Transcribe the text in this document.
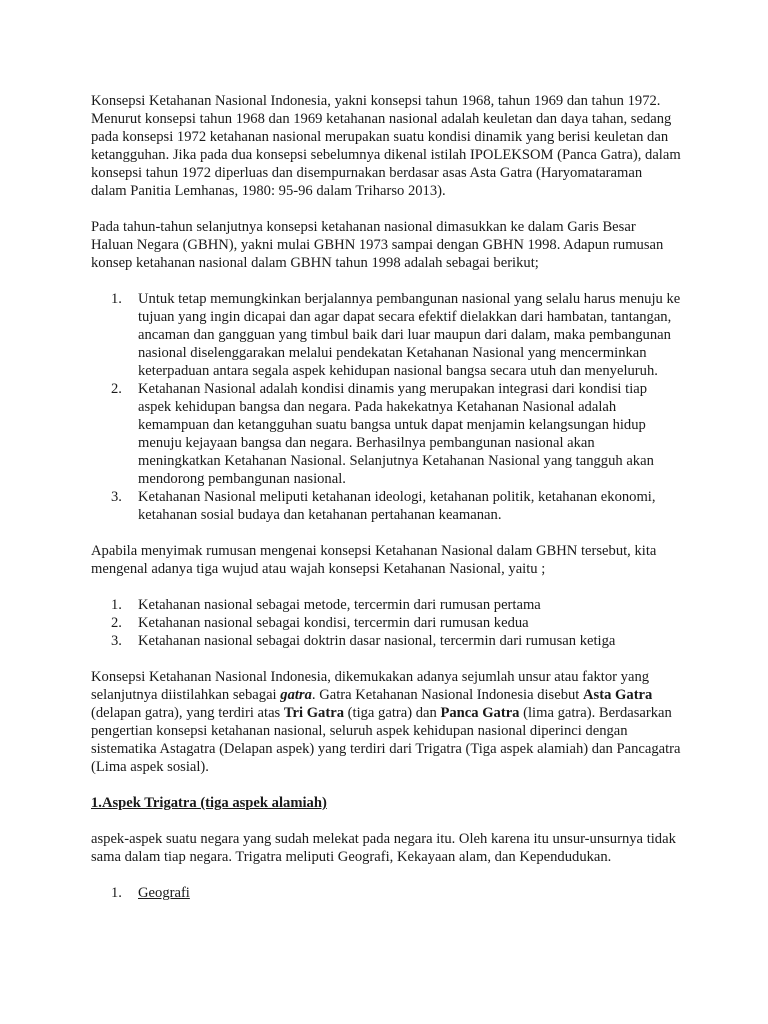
Konsepsi Ketahanan Nasional Indonesia, yakni konsepsi tahun 1968, tahun 1969 dan tahun 1972. Menurut konsepsi tahun 1968 dan 1969 ketahanan nasional adalah keuletan dan daya tahan, sedang pada konsepsi 1972 ketahanan nasional merupakan suatu kondisi dinamik yang berisi keuletan dan ketangguhan. Jika pada dua konsepsi sebelumnya dikenal istilah IPOLEKSOM (Panca Gatra), dalam konsepsi tahun 1972 diperluas dan disempurnakan berdasar asas Asta Gatra (Haryomataraman dalam Panitia Lemhanas, 1980: 95-96 dalam Triharso 2013).

Pada tahun-tahun selanjutnya konsepsi ketahanan nasional dimasukkan ke dalam Garis Besar Haluan Negara (GBHN), yakni mulai GBHN 1973 sampai dengan GBHN 1998. Adapun rumusan konsep ketahanan nasional dalam GBHN tahun 1998 adalah sebagai berikut;

1. Untuk tetap memungkinkan berjalannya pembangunan nasional yang selalu harus menuju ke tujuan yang ingin dicapai dan agar dapat secara efektif dielakkan dari hambatan, tantangan, ancaman dan gangguan yang timbul baik dari luar maupun dari dalam, maka pembangunan nasional diselenggarakan melalui pendekatan Ketahanan Nasional yang mencerminkan keterpaduan antara segala aspek kehidupan nasional bangsa secara utuh dan menyeluruh.
2. Ketahanan Nasional adalah kondisi dinamis yang merupakan integrasi dari kondisi tiap aspek kehidupan bangsa dan negara. Pada hakekatnya Ketahanan Nasional adalah kemampuan dan ketangguhan suatu bangsa untuk dapat menjamin kelangsungan hidup menuju kejayaan bangsa dan negara. Berhasilnya pembangunan nasional akan meningkatkan Ketahanan Nasional. Selanjutnya Ketahanan Nasional yang tangguh akan mendorong pembangunan nasional.
3. Ketahanan Nasional meliputi ketahanan ideologi, ketahanan politik, ketahanan ekonomi, ketahanan sosial budaya dan ketahanan pertahanan keamanan.

Apabila menyimak rumusan mengenai konsepsi Ketahanan Nasional dalam GBHN tersebut, kita mengenal adanya tiga wujud atau wajah konsepsi Ketahanan Nasional, yaitu ;

1. Ketahanan nasional sebagai metode, tercermin dari rumusan pertama
2. Ketahanan nasional sebagai kondisi, tercermin dari rumusan kedua
3. Ketahanan nasional sebagai doktrin dasar nasional, tercermin dari rumusan ketiga

Konsepsi Ketahanan Nasional Indonesia, dikemukakan adanya sejumlah unsur atau faktor yang selanjutnya diistilahkan sebagai gatra. Gatra Ketahanan Nasional Indonesia disebut Asta Gatra (delapan gatra), yang terdiri atas Tri Gatra (tiga gatra) dan Panca Gatra (lima gatra). Berdasarkan pengertian konsepsi ketahanan nasional, seluruh aspek kehidupan nasional diperinci dengan sistematika Astagatra (Delapan aspek) yang terdiri dari Trigatra (Tiga aspek alamiah) dan Pancagatra (Lima aspek sosial).

1.Aspek Trigatra (tiga aspek alamiah)

aspek-aspek suatu negara yang sudah melekat pada negara itu. Oleh karena itu unsur-unsurnya tidak sama dalam tiap negara. Trigatra meliputi Geografi, Kekayaan alam, dan Kependudukan.

1. Geografi
